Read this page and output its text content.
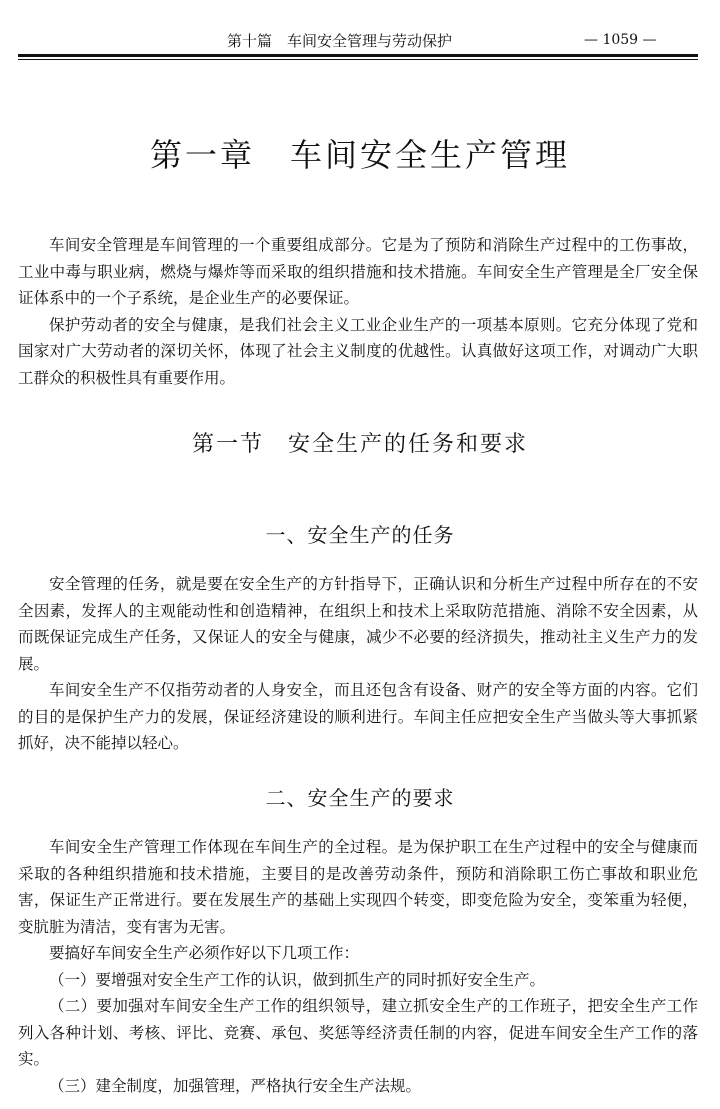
第十篇　车间安全管理与劳动保护	— 1059 —
第一章　车间安全生产管理

车间安全管理是车间管理的一个重要组成部分。它是为了预防和消除生产过程中的工伤事故，工业中毒与职业病，燃烧与爆炸等而采取的组织措施和技术措施。车间安全生产管理是全厂安全保证体系中的一个子系统，是企业生产的必要保证。

保护劳动者的安全与健康，是我们社会主义工业企业生产的一项基本原则。它充分体现了党和国家对广大劳动者的深切关怀，体现了社会主义制度的优越性。认真做好这项工作，对调动广大职工群众的积极性具有重要作用。

第一节　安全生产的任务和要求
一、安全生产的任务

安全管理的任务，就是要在安全生产的方针指导下，正确认识和分析生产过程中所存在的不安全因素，发挥人的主观能动性和创造精神，在组织上和技术上采取防范措施、消除不安全因素，从而既保证完成生产任务，又保证人的安全与健康，减少不必要的经济损失，推动社主义生产力的发展。

车间安全生产不仅指劳动者的人身安全，而且还包含有设备、财产的安全等方面的内容。它们的目的是保护生产力的发展，保证经济建设的顺利进行。车间主任应把安全生产当做头等大事抓紧抓好，决不能掉以轻心。

二、安全生产的要求

车间安全生产管理工作体现在车间生产的全过程。是为保护职工在生产过程中的安全与健康而采取的各种组织措施和技术措施，主要目的是改善劳动条件，预防和消除职工伤亡事故和职业危害，保证生产正常进行。要在发展生产的基础上实现四个转变，即变危险为安全，变笨重为轻便，变肮脏为清洁，变有害为无害。

要搞好车间安全生产必须作好以下几项工作：

（一）要增强对安全生产工作的认识，做到抓生产的同时抓好安全生产。

（二）要加强对车间安全生产工作的组织领导，建立抓安全生产的工作班子，把安全生产工作列入各种计划、考核、评比、竞赛、承包、奖惩等经济责任制的内容，促进车间安全生产工作的落实。

（三）建全制度，加强管理，严格执行安全生产法规。
